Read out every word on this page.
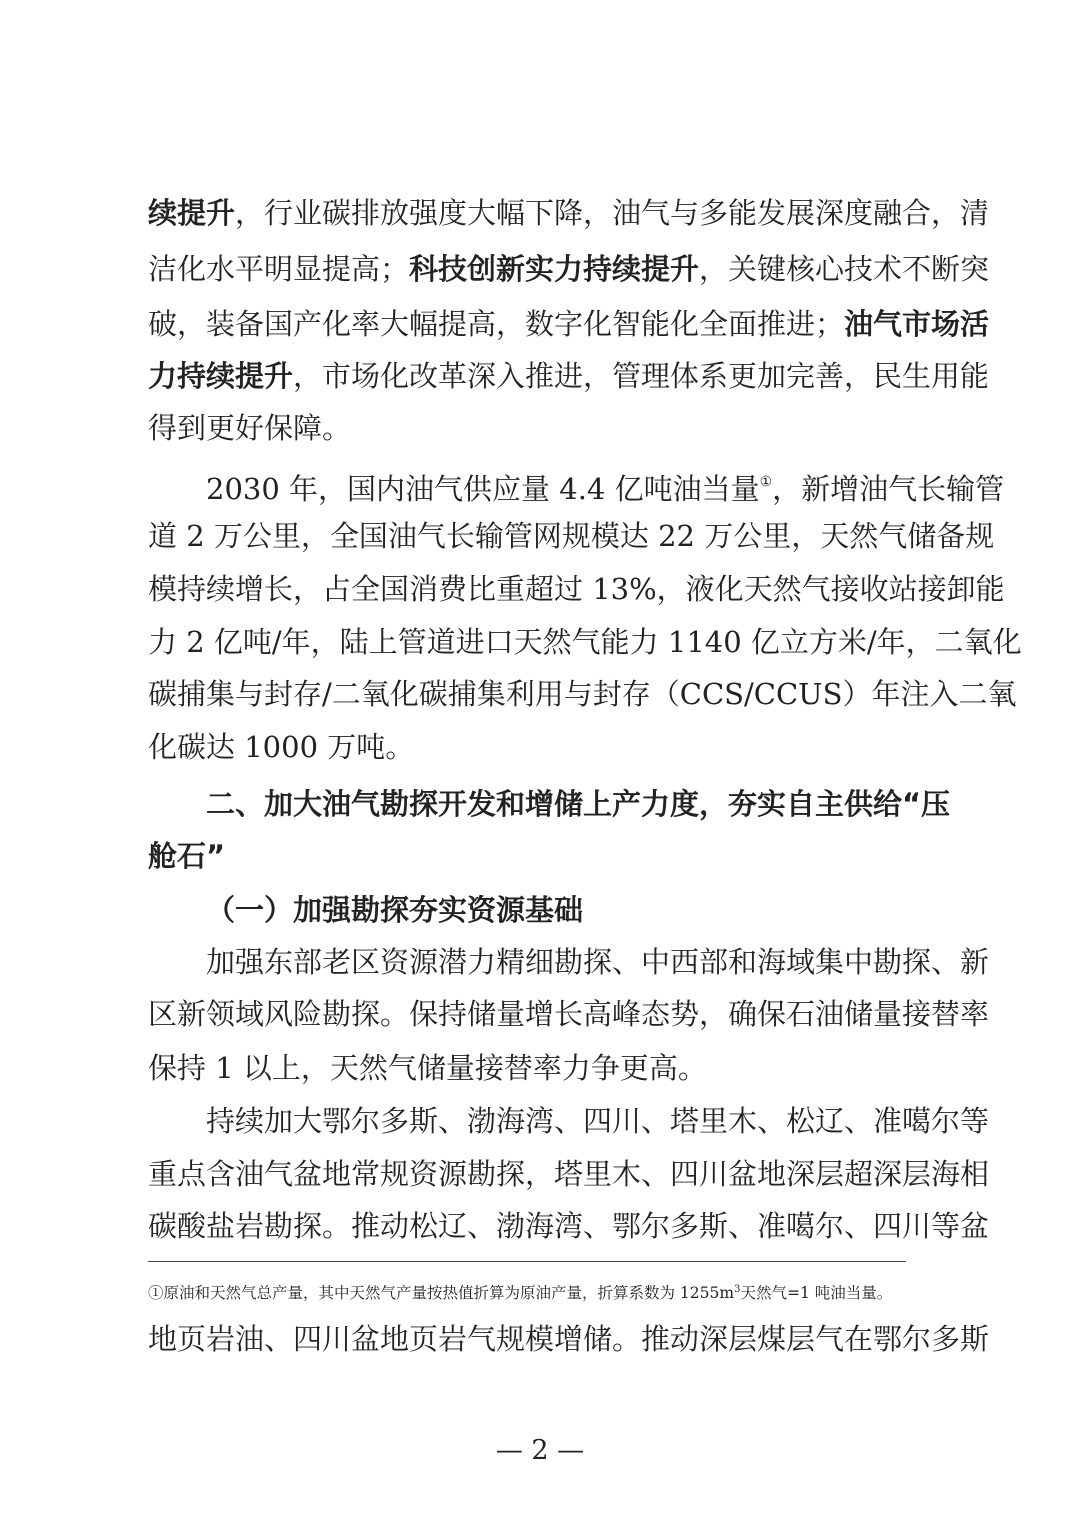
续提升，行业碳排放强度大幅下降，油气与多能发展深度融合，清
洁化水平明显提高；科技创新实力持续提升，关键核心技术不断突
破，装备国产化率大幅提高，数字化智能化全面推进；油气市场活
力持续提升，市场化改革深入推进，管理体系更加完善，民生用能
得到更好保障。
2030 年，国内油气供应量 4.4 亿吨油当量①，新增油气长输管
道 2 万公里，全国油气长输管网规模达 22 万公里，天然气储备规
模持续增长，占全国消费比重超过 13%，液化天然气接收站接卸能
力 2 亿吨/年，陆上管道进口天然气能力 1140 亿立方米/年，二氧化
碳捕集与封存/二氧化碳捕集利用与封存（CCS/CCUS）年注入二氧
化碳达 1000 万吨。
二、加大油气勘探开发和增储上产力度，夯实自主供给“压
舱石”
（一）加强勘探夯实资源基础
加强东部老区资源潜力精细勘探、中西部和海域集中勘探、新
区新领域风险勘探。保持储量增长高峰态势，确保石油储量接替率
保持 1 以上，天然气储量接替率力争更高。
持续加大鄂尔多斯、渤海湾、四川、塔里木、松辽、准噶尔等
重点含油气盆地常规资源勘探，塔里木、四川盆地深层超深层海相
碳酸盐岩勘探。推动松辽、渤海湾、鄂尔多斯、准噶尔、四川等盆
①原油和天然气总产量，其中天然气产量按热值折算为原油产量，折算系数为 $1255m^3$天然气=1 吨油当量。
地页岩油、四川盆地页岩气规模增储。推动深层煤层气在鄂尔多斯
— 2 —
